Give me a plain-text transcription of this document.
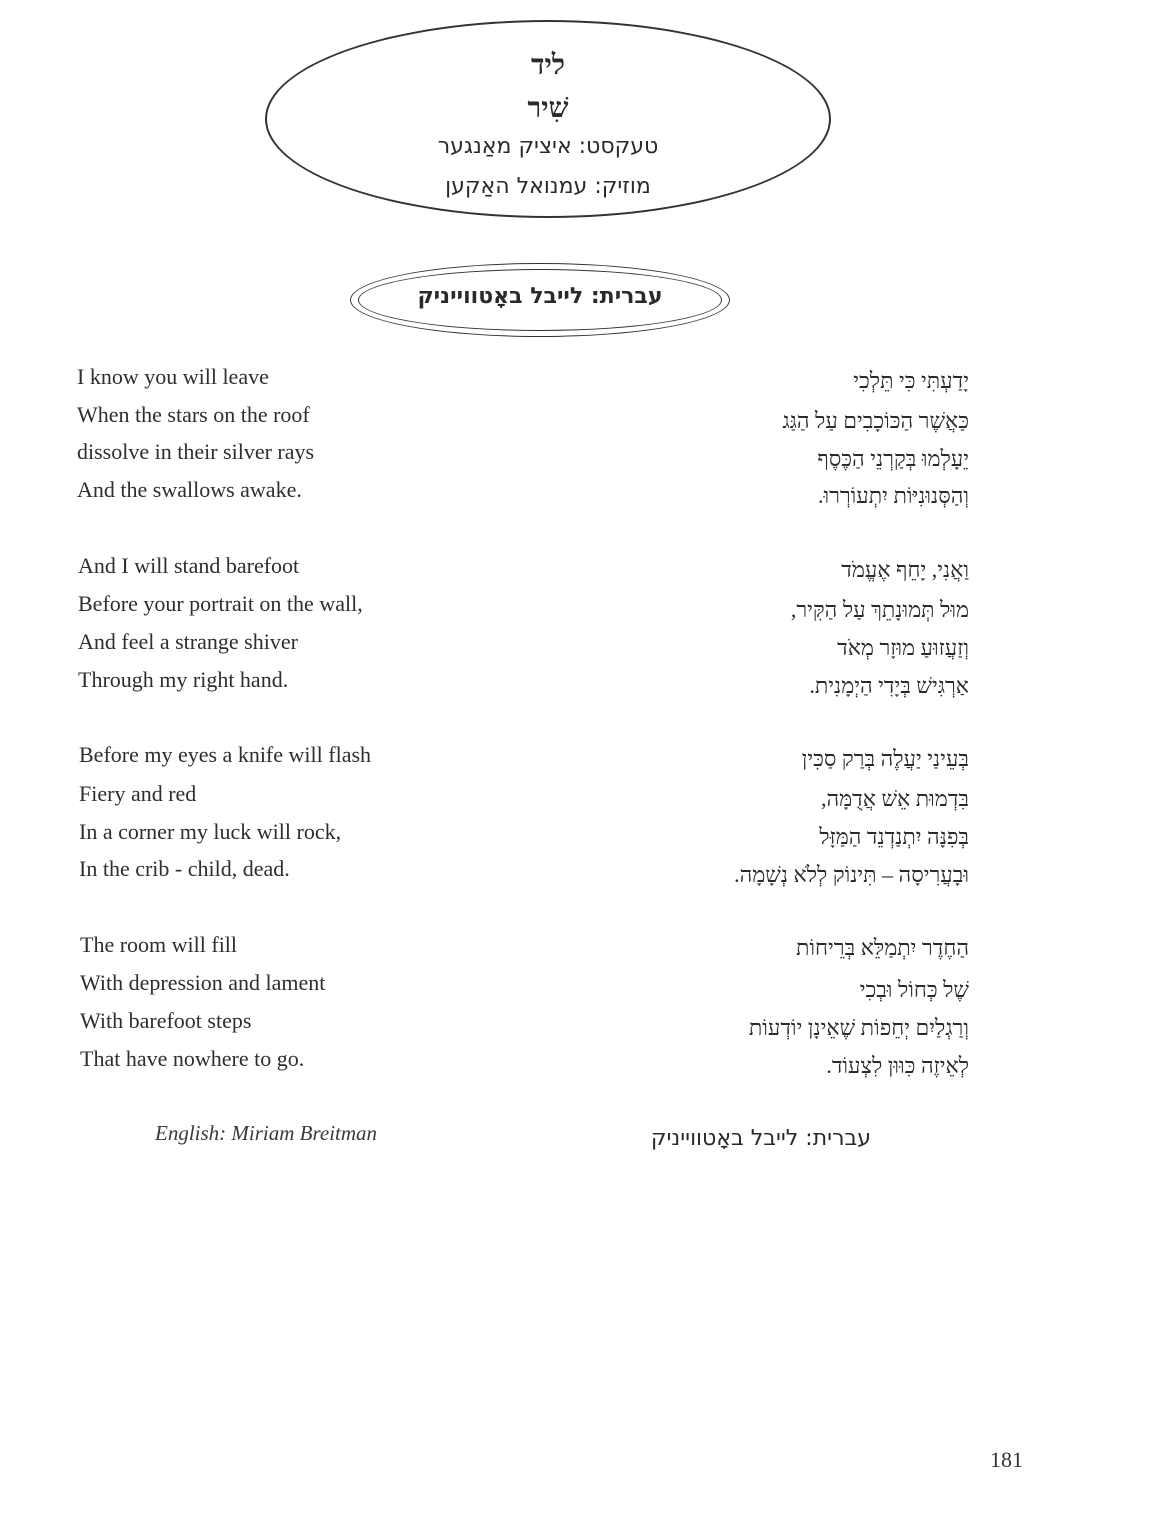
ליד
שִׁיר
טעקסט: איציק מאַנגער
מוזיק: עמנואל האַקען
עברית: לייבל באָטווייניק
I know you will leave
When the stars on the roof
dissolve in their silver rays
And the swallows awake.
And I will stand barefoot
Before your portrait on the wall,
And feel a strange shiver
Through my right hand.
Before my eyes a knife will flash
Fiery and red
In a corner my luck will rock,
In the crib - child, dead.
The room will fill
With depression and lament
With barefoot steps
That have nowhere to go.
יָדַעְתִּי כִּי תֵּלְכִי
כַּאֲשֶׁר הַכּוֹכָבִים עַל הַגַּג
יֵעָלְמוּ בְּקַרְנֵי הַכֶּסֶף
וְהַסְּנוּנִיּוֹת יִתְעוֹרְרוּ.
וַאֲנִי, יָחֵף אֶעֱמֹד
מוּל תְּמוּנָתֵךְ עַל הַקִּיר,
וְזַעֲזוּעַ מוּזָר מְאֹד
אַרְגִּישׁ בְּיָדִי הַיְמָנִית.
בְּעֵינַי יַעֲלֶה בְּרַק סַכִּין
בִּדְמוּת אֵשׁ אֲדֻמָּה,
בְּפִנָּה יִתְנַדְנֵד הַמַּזָּל
וּבָעֲרִיסָה – תִּינוֹק לְלֹא נְשָׁמָה.
הַחֶדֶר יִתְמַלֵּא בְּרֵיחוֹת
שֶׁל כְּחוֹל וּבְכִי
וְרַגְלַיִם יְחֵפוֹת שֶׁאֵינָן יוֹדְעוֹת
לְאֵיזֶה כִּוּוּן לִצְעוֹד.
English: Miriam Breitman	עברית: לייבל באָטווייניק
181
